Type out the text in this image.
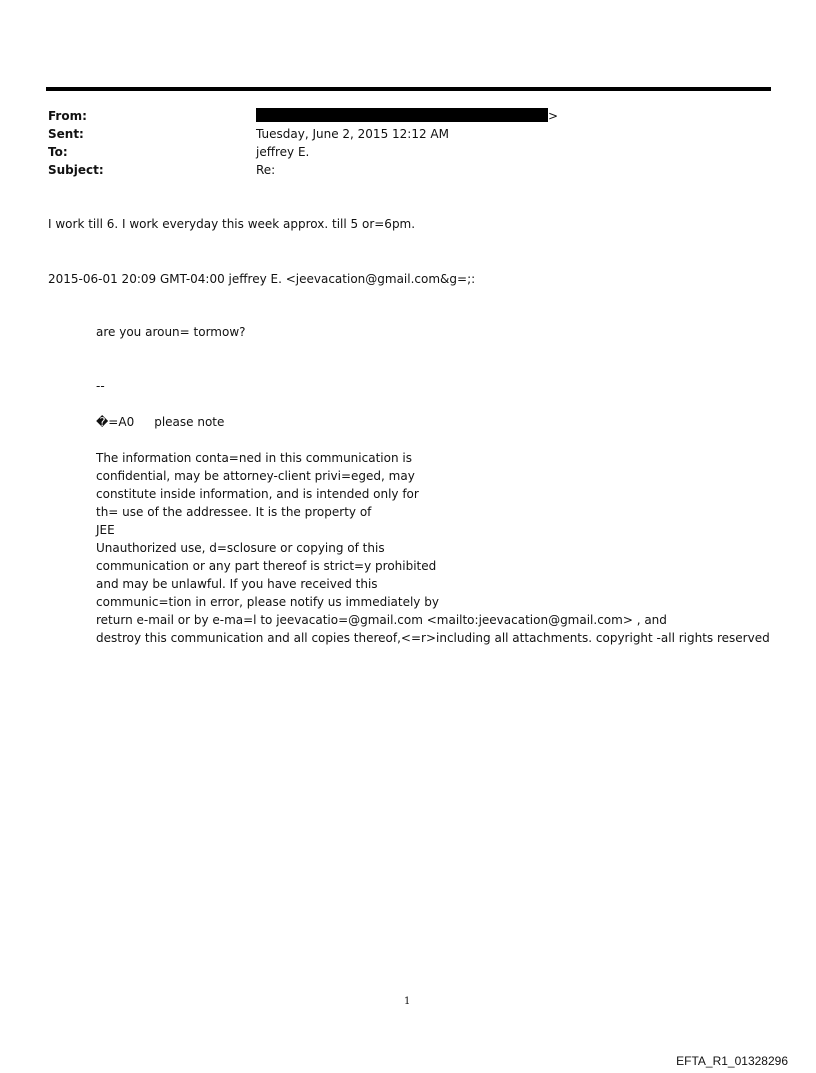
From:	>
Sent:	Tuesday, June 2, 2015 12:12 AM
To:	jeffrey E.
Subject:	Re:
I work till 6. I work everyday this week approx. till 5 or=6pm.
2015-06-01 20:09 GMT-04:00 jeffrey E. <jeevacation@gmail.com&g=;:
are you aroun= tormow?
--
�=A0 please note
The information conta=ned in this communication is
confidential, may be attorney-client privi=eged, may
constitute inside information, and is intended only for
th= use of the addressee. It is the property of
JEE
Unauthorized use, d=sclosure or copying of this
communication or any part thereof is strict=y prohibited
and may be unlawful. If you have received this
communic=tion in error, please notify us immediately by
return e-mail or by e-ma=l to jeevacatio=@gmail.com <mailto:jeevacation@gmail.com> , and
destroy this communication and all copies thereof,<=r>including all attachments. copyright -all rights reserved
1
EFTA_R1_01328296
